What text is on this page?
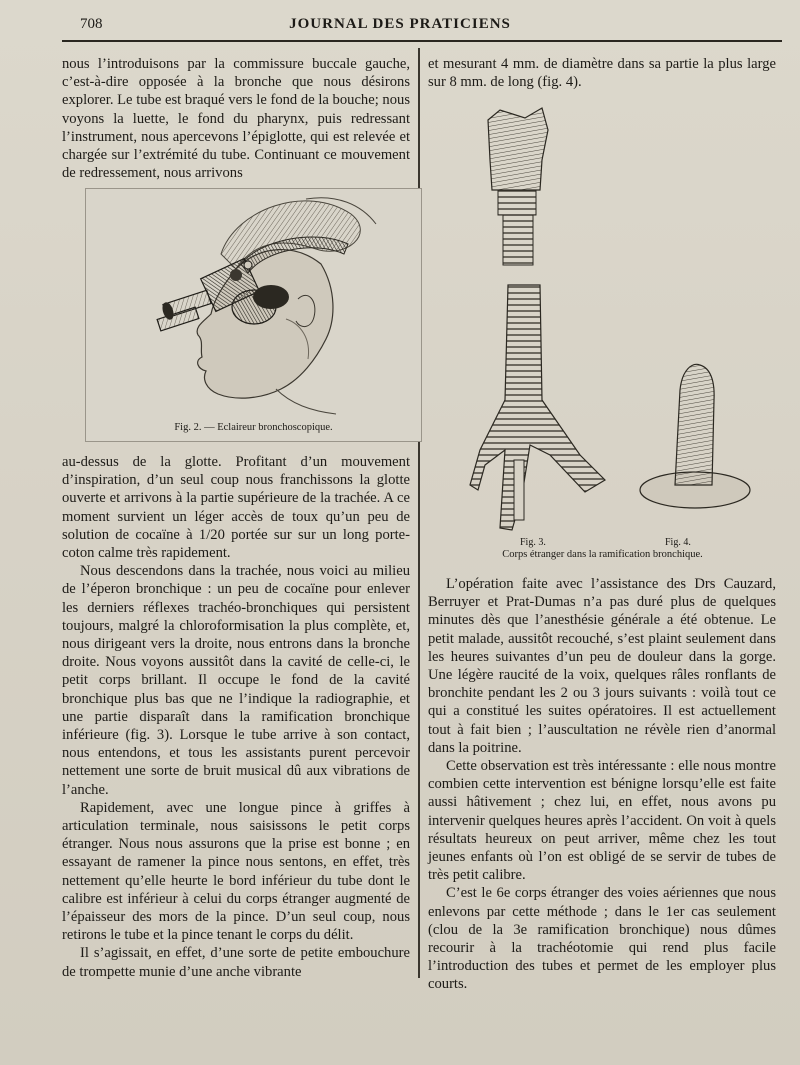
708	JOURNAL DES PRATICIENS

nous l’introduisons par la commissure buccale gauche, c’est-à-dire opposée à la bronche que nous désirons explorer. Le tube est braqué vers le fond de la bouche; nous voyons la luette, le fond du pharynx, puis redressant l’instrument, nous apercevons l’épiglotte, qui est relevée et chargée sur l’extrémité du tube. Continuant ce mouvement de redressement, nous arrivons

Fig. 2. — Eclaireur bronchoscopique.

au-dessus de la glotte. Profitant d’un mouvement d’inspiration, d’un seul coup nous franchissons la glotte ouverte et arrivons à la partie supérieure de la trachée. A ce moment survient un léger accès de toux qu’un peu de solution de cocaïne à 1/20 portée sur sur un long porte-coton calme très rapidement.

Nous descendons dans la trachée, nous voici au milieu de l’éperon bronchique : un peu de cocaïne pour enlever les derniers réflexes trachéo-bronchiques qui persistent toujours, malgré la chloroformisation la plus complète, et, nous dirigeant vers la droite, nous entrons dans la bronche droite. Nous voyons aussitôt dans la cavité de celle-ci, le petit corps brillant. Il occupe le fond de la cavité bronchique plus bas que ne l’indique la radiographie, et une partie disparaît dans la ramification bronchique inférieure (fig. 3). Lorsque le tube arrive à son contact, nous entendons, et tous les assistants purent percevoir nettement une sorte de bruit musical dû aux vibrations de l’anche.

Rapidement, avec une longue pince à griffes à articulation terminale, nous saisissons le petit corps étranger. Nous nous assurons que la prise est bonne ; en essayant de ramener la pince nous sentons, en effet, très nettement qu’elle heurte le bord inférieur du tube dont le calibre est inférieur à celui du corps étranger augmenté de l’épaisseur des mors de la pince. D’un seul coup, nous retirons le tube et la pince tenant le corps du délit.

Il s’agissait, en effet, d’une sorte de petite embouchure de trompette munie d’une anche vibrante

et mesurant 4 mm. de diamètre dans sa partie la plus large sur 8 mm. de long (fig. 4).

Fig. 3.	Fig. 4.
Corps étranger dans la ramification bronchique.

L’opération faite avec l’assistance des Drs Cauzard, Berruyer et Prat-Dumas n’a pas duré plus de quelques minutes dès que l’anesthésie générale a été obtenue. Le petit malade, aussitôt recouché, s’est plaint seulement dans les heures suivantes d’un peu de douleur dans la gorge. Une légère raucité de la voix, quelques râles ronflants de bronchite pendant les 2 ou 3 jours suivants : voilà tout ce qui a constitué les suites opératoires. Il est actuellement tout à fait bien ; l’auscultation ne révèle rien d’anormal dans la poitrine.

Cette observation est très intéressante : elle nous montre combien cette intervention est bénigne lorsqu’elle est faite aussi hâtivement ; chez lui, en effet, nous avons pu intervenir quelques heures après l’accident. On voit à quels résultats heureux on peut arriver, même chez les tout jeunes enfants où l’on est obligé de se servir de tubes de très petit calibre.

C’est le 6e corps étranger des voies aériennes que nous enlevons par cette méthode ; dans le 1er cas seulement (clou de la 3e ramification bronchique) nous dûmes recourir à la trachéotomie qui rend plus facile l’introduction des tubes et permet de les employer plus courts.
